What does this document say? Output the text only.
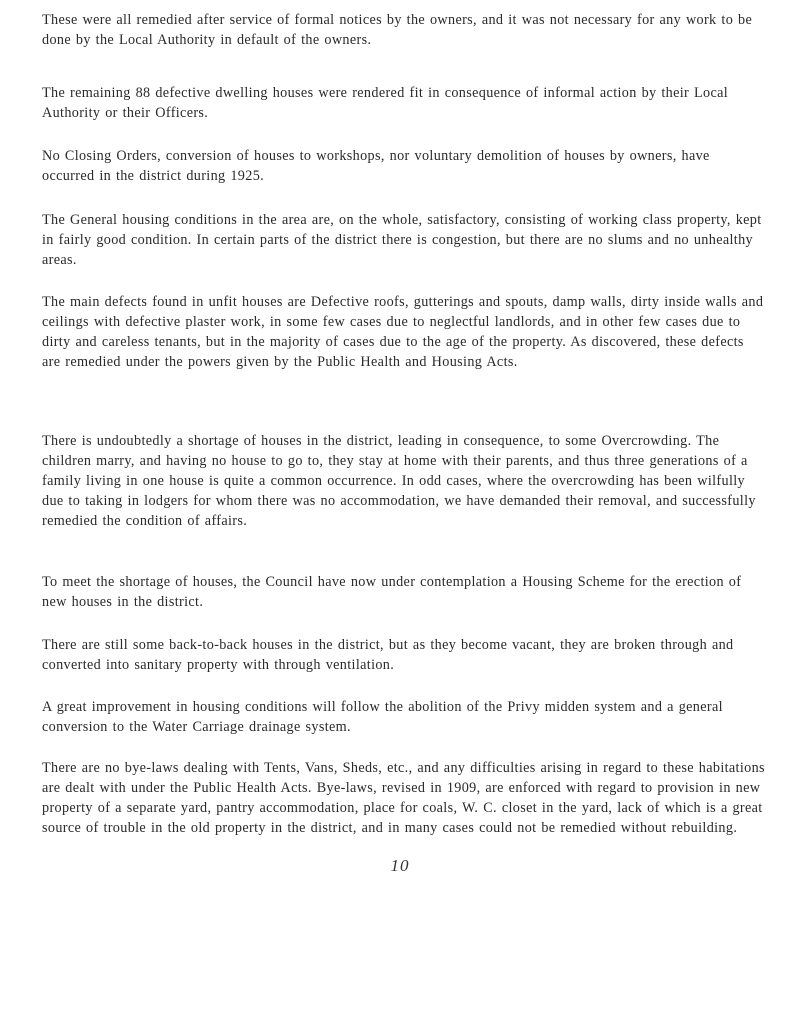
These were all remedied after service of formal notices by the owners, and it was not necessary for any work to be done by the Local Authority in default of the owners.

The remaining 88 defective dwelling houses were rendered fit in consequence of informal action by their Local Authority or their Officers.

No Closing Orders, conversion of houses to workshops, nor voluntary demolition of houses by owners, have occurred in the district during 1925.

The General housing conditions in the area are, on the whole, satisfactory, consisting of working class property, kept in fairly good condition. In certain parts of the district there is congestion, but there are no slums and no unhealthy areas.

The main defects found in unfit houses are Defective roofs, gutterings and spouts, damp walls, dirty inside walls and ceilings with defective plaster work, in some few cases due to neglectful landlords, and in other few cases due to dirty and careless tenants, but in the majority of cases due to the age of the property. As discovered, these defects are remedied under the powers given by the Public Health and Housing Acts.

There is undoubtedly a shortage of houses in the district, leading in consequence, to some Overcrowding. The children marry, and having no house to go to, they stay at home with their parents, and thus three generations of a family living in one house is quite a common occurrence. In odd cases, where the overcrowding has been wilfully due to taking in lodgers for whom there was no accommodation, we have demanded their removal, and successfully remedied the condition of affairs.

To meet the shortage of houses, the Council have now under contemplation a Housing Scheme for the erection of new houses in the district.

There are still some back-to-back houses in the district, but as they become vacant, they are broken through and converted into sanitary property with through ventilation.

A great improvement in housing conditions will follow the abolition of the Privy midden system and a general conversion to the Water Carriage drainage system.

There are no bye-laws dealing with Tents, Vans, Sheds, etc., and any difficulties arising in regard to these habitations are dealt with under the Public Health Acts. Bye-laws, revised in 1909, are enforced with regard to provision in new property of a separate yard, pantry accommodation, place for coals, W. C. closet in the yard, lack of which is a great source of trouble in the old property in the district, and in many cases could not be remedied without rebuilding.

10
